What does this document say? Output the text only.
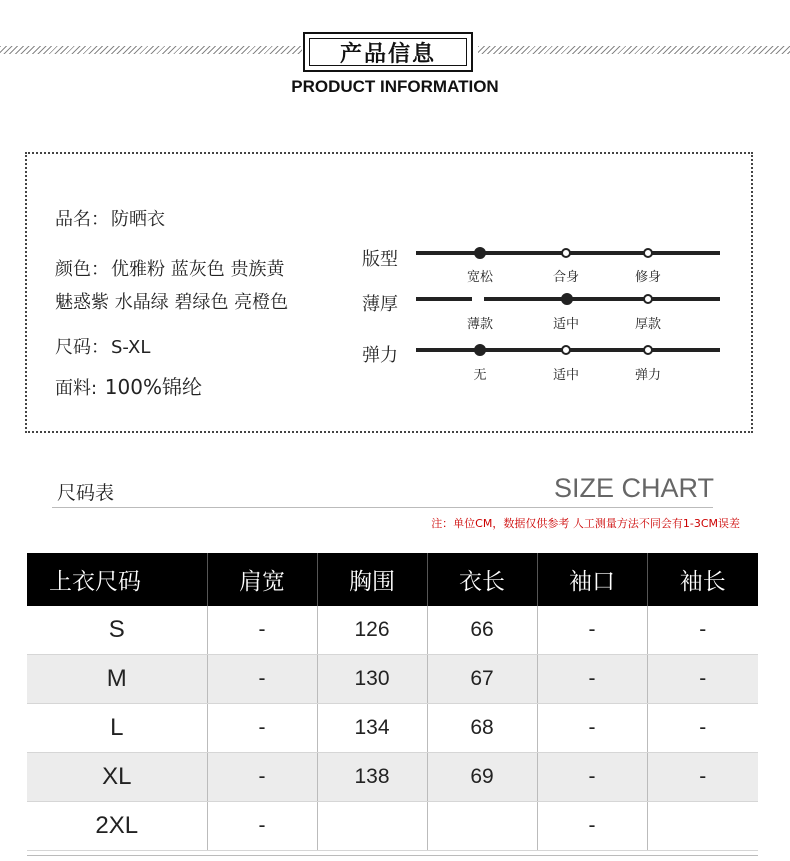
产品信息
PRODUCT INFORMATION
品名： 防晒衣
颜色： 优雅粉 蓝灰色 贵族黄
魅惑紫 水晶绿 碧绿色 亮橙色
尺码： S-XL
面料: 100%锦纶
版型
宽松	合身	修身
薄厚
薄款	适中	厚款
弹力
无	适中	弹力
尺码表	SIZE CHART
注：单位CM，数据仅供参考 人工测量方法不同会有1-3CM误差
上衣尺码	肩宽	胸围	衣长	袖口	袖长
S	-	126	66	-	-
M	-	130	67	-	-
L	-	134	68	-	-
XL	-	138	69	-	-
2XL	-			-	
